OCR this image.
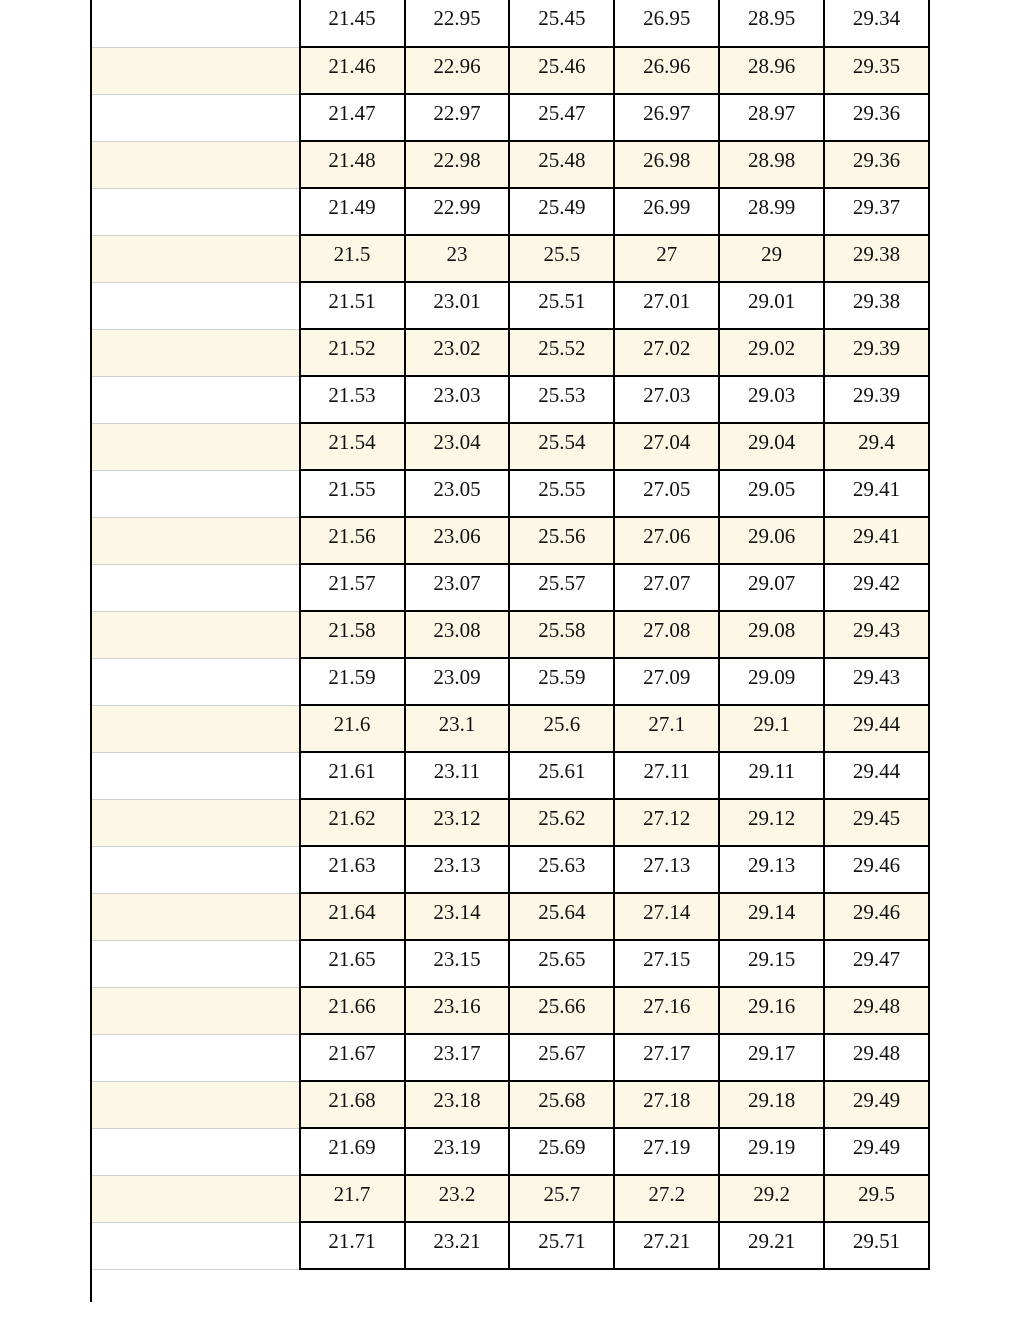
	21.45	22.95	25.45	26.95	28.95	29.34
	21.46	22.96	25.46	26.96	28.96	29.35
	21.47	22.97	25.47	26.97	28.97	29.36
	21.48	22.98	25.48	26.98	28.98	29.36
	21.49	22.99	25.49	26.99	28.99	29.37
	21.5	23	25.5	27	29	29.38
	21.51	23.01	25.51	27.01	29.01	29.38
	21.52	23.02	25.52	27.02	29.02	29.39
	21.53	23.03	25.53	27.03	29.03	29.39
	21.54	23.04	25.54	27.04	29.04	29.4
	21.55	23.05	25.55	27.05	29.05	29.41
	21.56	23.06	25.56	27.06	29.06	29.41
	21.57	23.07	25.57	27.07	29.07	29.42
	21.58	23.08	25.58	27.08	29.08	29.43
	21.59	23.09	25.59	27.09	29.09	29.43
	21.6	23.1	25.6	27.1	29.1	29.44
	21.61	23.11	25.61	27.11	29.11	29.44
	21.62	23.12	25.62	27.12	29.12	29.45
	21.63	23.13	25.63	27.13	29.13	29.46
	21.64	23.14	25.64	27.14	29.14	29.46
	21.65	23.15	25.65	27.15	29.15	29.47
	21.66	23.16	25.66	27.16	29.16	29.48
	21.67	23.17	25.67	27.17	29.17	29.48
	21.68	23.18	25.68	27.18	29.18	29.49
	21.69	23.19	25.69	27.19	29.19	29.49
	21.7	23.2	25.7	27.2	29.2	29.5
	21.71	23.21	25.71	27.21	29.21	29.51
